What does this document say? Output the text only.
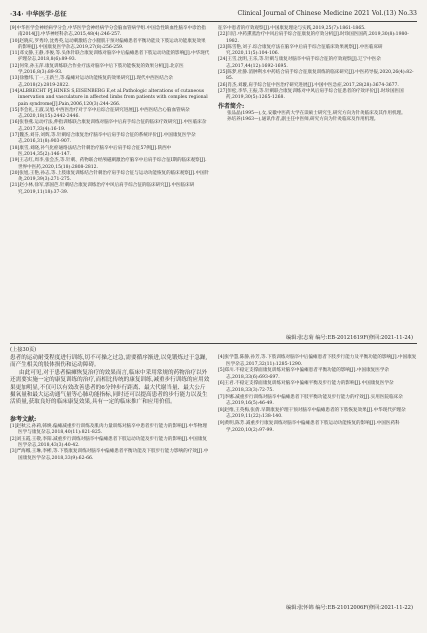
·34· 中华医学·总征	Clinical Journal of Chinese Medicine 2021 Vol.(13) No.33

[9]中华医学会神经病学分会,中华医学会神经病学分会脑血管病学组.中国急性缺血性脑卒中诊治指南2014[J].中华神经科杂志,2015,48(4):246-257.

[10]赵晓庆,罗秀玲,沈秀英,运动刺激结合小腿肌干预对偏瘫患者平衡功能及下肢运动功能康复效果的影响[J].中国康复医学杂志,2019,27(8):256-259.

[11]邓文静,王静,李俊,等.头体针联合康复训练对脑卒中后偏瘫患者下肢运动功能的影响[J].中华现代护理杂志,2018,8(6):89-93.

[12]何荣,孙玉萍.康复训练联合作业疗法对脑卒中后下肢功能恢复的效果分析[J].北京医学,2016,8(3):89-93.

[13]徐雅纬,丁一,王新兰,等.偏瘫对运动功能恢复的效果研究[J].现代中西医结合杂志,2018(2):2819-2822.

[14]ALBRECHT PJ,HINES S,EISENBERG E,et al.Pathologic alterations of cutaneous innervation and vasculature in affected limbs from patients with complex regional pain syndrome[J].Pain,2006,120(3):244-266.

[15]李会礼,王淑,吴旭.中西医治疗对于卒中后综合征研究进展[J].中西医结合心脑血管病杂志,2020,18(15):2442-2446.

[16]张春燕.运动疗法,伸指训练联合康复训练对脑卒中后肩手综合征的临床疗效研究[J].中医临床杂志,2017,33(4):16-19.

[17]魏杰,刘芬,刘辉,等.针刺结合康复治疗脑卒中后肩手综合征的系统评价[J].中国康复医学杂志,2016,31(8):903-907.

[18]康雪,刘晓,补气化瘀通络法结合针刺治疗脑卒中后肩手综合征57例[J].陕西中医,2014,35(2):146-147.

[19]王志红,周李,张会杰,等.针刺、药物联合经颅磁刺激治疗脑卒中后肩手综合征I期的临床观察[J].世界中医药,2020,15(18):2808-2812.

[20]张旭,王艳,孙志,等.上肢康复训练结合针刺治疗肩手综合征与运动功能恢复的临床观察[J].中国针灸,2019,39(3):271-275.

[21]赵小林,徐军,郭国芭.针刺结合康复训练治疗中风后肩手综合征的临床研究[J].中医临床研究,2019,11(18):37-39.

征卒中患者的疗效观察[J].中国康复理论与实践,2019,25(7):1861-1865.

[22]闫启.中药熏蒸治疗中风后肩手综合征康复的疗效分析[J].时珍国医国药,2019,30(8):1980-1982.

[23]陈雪艳,刘子.综合康复疗法在脑卒中后肩手综合征临床效果观察[J].中医临床研究,2020,11(5):104-106.

[24]王雪,沈明,王乐,等.针刺与康复对脑卒中肩手综合征的疗效观察[J].辽宁中医杂志,2017,44(12):1692-1695.

[25]陈梦,杜静.消肿利水中药结合肩手综合征康复训练的临床研究[J].中医药导报,2020,26(4):82-85.

[26]肖杰,刘璇,肩手综合征中医治疗研究进展[J].中国中医急症,2017,28(28):3674-3677.

[27]彭松,李华,王振,等.针刺联合康复训练对中风后肩手综合征患者的疗效评价[J].时珍国医国药,2019,30(5):1265-1268.

作者简介:

张品晶(1995—),女,安徽中医药大学在读硕士研究生,研究方向为针灸临床及其作用机理。

孙培养(1963—),通讯作者,副主任中医师,研究方向为针灸临床及作用机理。

编辑:张志菊 编号:EB-20121619F(修回:2021-11-24)
(上接30页)

患者的运动耐受程度进行训练,切不可操之过急,需要循序渐进,以免锻炼过于急躁,而产生相关的肢体损伤和运动障碍。

由此可见,对于患者偏瘫恢复治疗的效果而言,临床中采用常规的药物治疗以外还需要实施一定的康复训练的治疗,而相比传统的康复训练,减重步行训练的应用效果更加明显,不仅可以有效改善患者的6分钟步行距离、最大代谢当量、最大公斤摄氧量和最大运动通气量等心肺功能指标,同时还可以提高患者的步行能力以及生活质量,获取良好的临床康复效果,具有一定的临床推广和应用价值。

参考文献:

[1]赵秋云,孙莉,韩焕.偏瘫减重步行训练及肌肉力量训练对脑卒中患者步行能力的影响[J].中华物理医学与康复杂志,2018,40(11):821-825.

[2]刘玉霞,王敬,李阳.减重步行训练对脑卒中偏瘫患者下肢运动功能及步行能力的影响[J].中国康复医学杂志,2018,43(3):40-42.

[3]严海娜,王琳,李彬,等.下肢康复训练对脑卒中偏瘫患者平衡功能及下肢步行能力影响的疗效[J].中国康复医学杂志,2018,33(9):62-66.

[4]张学慧,陈静,孙芳,等.下肢训练对脑卒中后偏瘫患者下肢步行能力及平衡功能的影响[J].中国康复医学杂志,2017,32(11):1285-1290.

[5]郑川.不稳定支撑面康复训练对脑卒中偏瘫患者平衡功能的影响[J].中国康复医学杂志,2018,33(6):693-697.

[6]王君.不稳定支撑面康复训练对脑卒中偏瘫平衡及步行能力的影响[J].中国康复医学杂志,2018,33(3):72-75.

[7]李娜.减重步行训练对脑卒中偏瘫患者下肢平衡功能及步行能力的疗效[J].实用医院临床杂志,2019,16(5):46-49.

[8]赵维,王英梅,张倩.早期康复护理干预对脑卒中偏瘫患者的下肢恢复效果[J].中华现代护理杂志,2019,11(22):138-140.

[9]黄明,陈芳.减重步行康复训练对脑卒中偏瘫患者下肢运动功能恢复的影响[J].中国医药科学,2020,10(2):97-99.

编辑:张怀锦 编号:EB-21012006F(修回:2021-11-22)
